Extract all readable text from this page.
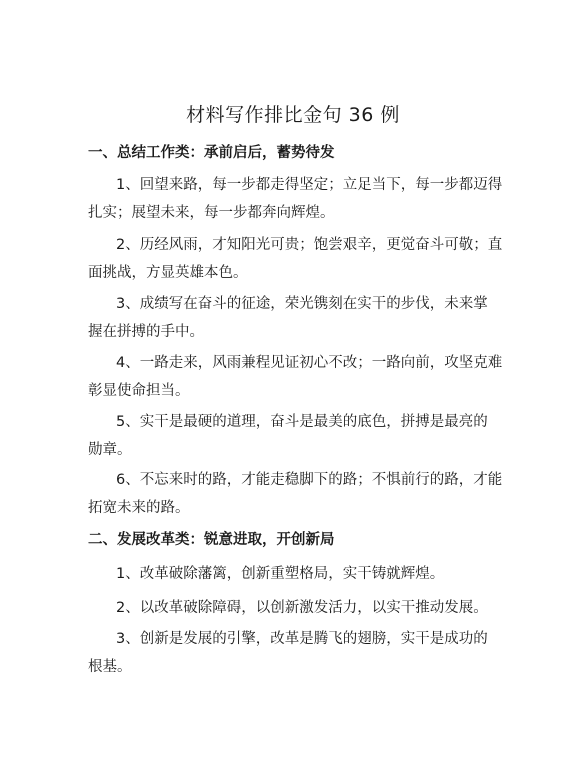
材料写作排比金句 36 例
一、总结工作类：承前启后，蓄势待发
1、回望来路，每一步都走得坚定；立足当下，每一步都迈得
扎实；展望未来，每一步都奔向辉煌。
2、历经风雨，才知阳光可贵；饱尝艰辛，更觉奋斗可敬；直
面挑战，方显英雄本色。
3、成绩写在奋斗的征途，荣光镌刻在实干的步伐，未来掌
握在拼搏的手中。
4、一路走来，风雨兼程见证初心不改；一路向前，攻坚克难
彰显使命担当。
5、实干是最硬的道理，奋斗是最美的底色，拼搏是最亮的
勋章。
6、不忘来时的路，才能走稳脚下的路；不惧前行的路，才能
拓宽未来的路。
二、发展改革类：锐意进取，开创新局
1、改革破除藩篱，创新重塑格局，实干铸就辉煌。
2、以改革破除障碍，以创新激发活力，以实干推动发展。
3、创新是发展的引擎，改革是腾飞的翅膀，实干是成功的
根基。
